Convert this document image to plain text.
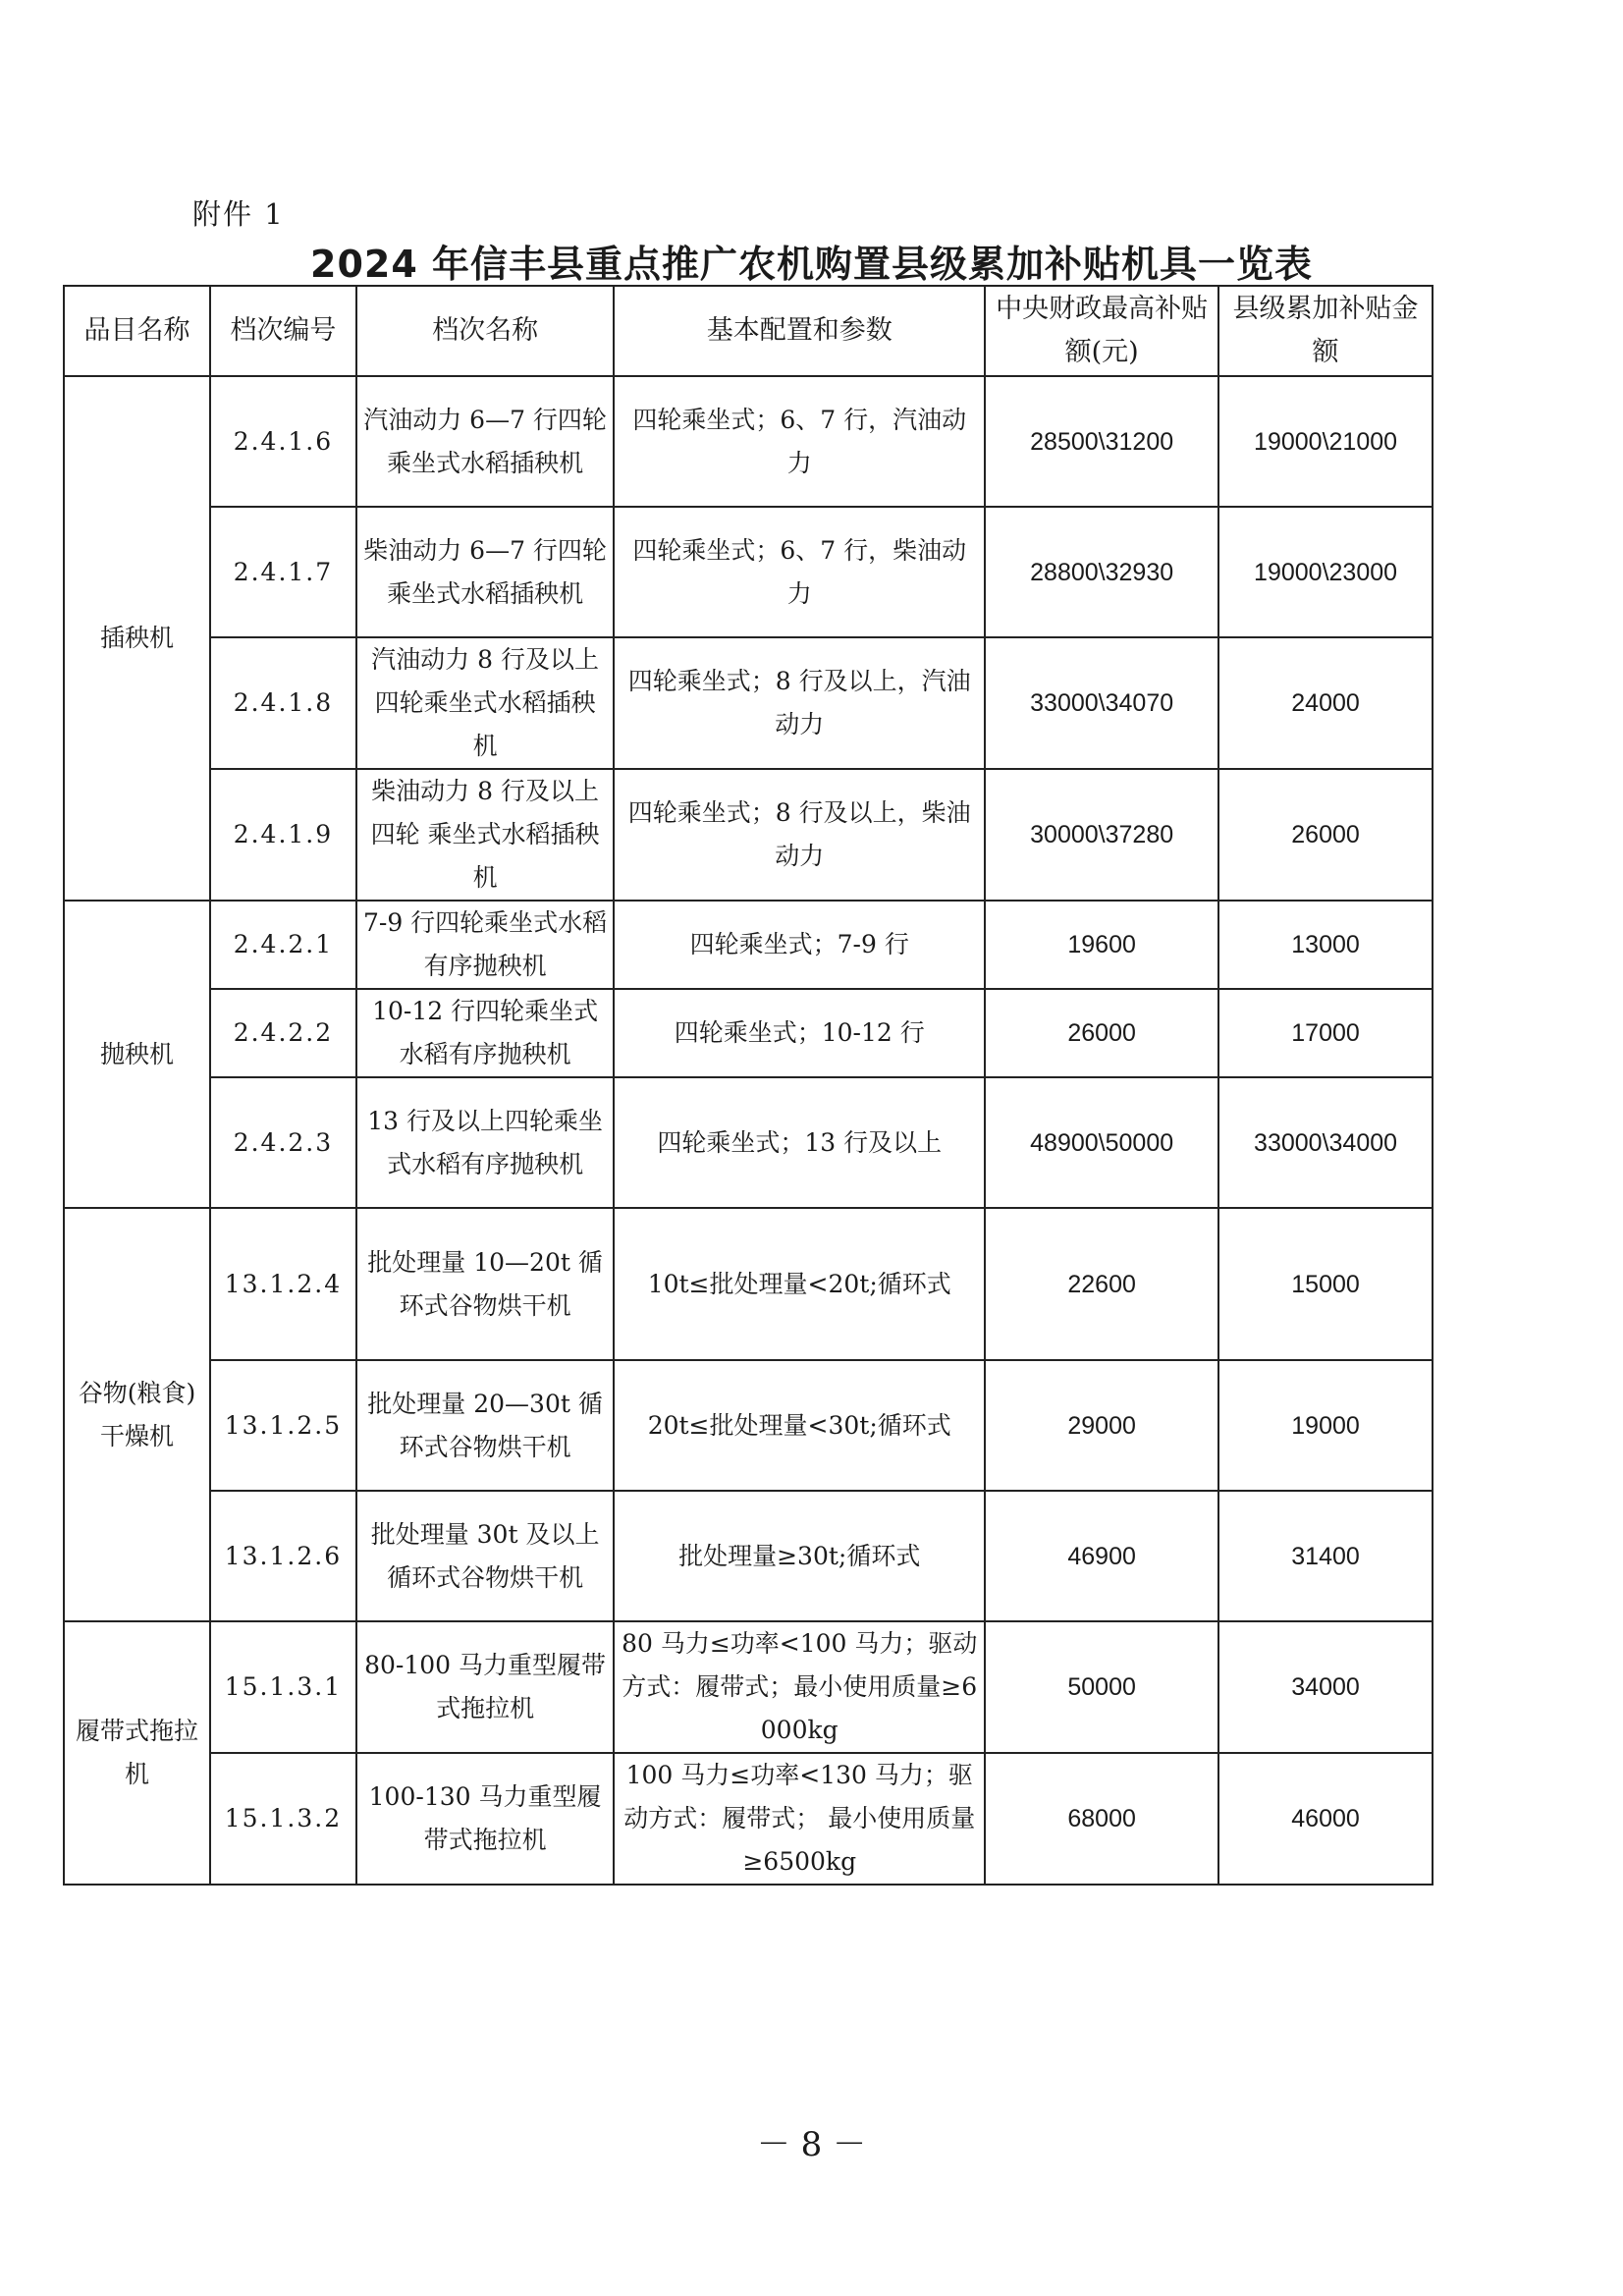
附件 1
2024 年信丰县重点推广农机购置县级累加补贴机具一览表
品目名称	档次编号	档次名称	基本配置和参数	中央财政最高补贴额(元)	县级累加补贴金额
插秧机	2.4.1.6	汽油动力 6—7 行四轮乘坐式水稻插秧机	四轮乘坐式；6、7 行，汽油动力	28500\31200	19000\21000
	2.4.1.7	柴油动力 6—7 行四轮乘坐式水稻插秧机	四轮乘坐式；6、7 行，柴油动力	28800\32930	19000\23000
	2.4.1.8	汽油动力 8 行及以上四轮乘坐式水稻插秧机	四轮乘坐式；8 行及以上，汽油动力	33000\34070	24000
	2.4.1.9	柴油动力 8 行及以上四轮 乘坐式水稻插秧机	四轮乘坐式；8 行及以上，柴油动力	30000\37280	26000
抛秧机	2.4.2.1	7-9 行四轮乘坐式水稻有序抛秧机	四轮乘坐式；7-9 行	19600	13000
	2.4.2.2	10-12 行四轮乘坐式水稻有序抛秧机	四轮乘坐式；10-12 行	26000	17000
	2.4.2.3	13 行及以上四轮乘坐式水稻有序抛秧机	四轮乘坐式；13 行及以上	48900\50000	33000\34000
谷物(粮食)干燥机	13.1.2.4	批处理量 10—20t 循环式谷物烘干机	10t≤批处理量<20t;循环式	22600	15000
	13.1.2.5	批处理量 20—30t 循环式谷物烘干机	20t≤批处理量<30t;循环式	29000	19000
	13.1.2.6	批处理量 30t 及以上循环式谷物烘干机	批处理量≥30t;循环式	46900	31400
履带式拖拉机	15.1.3.1	80-100 马力重型履带式拖拉机	80 马力≤功率<100 马力；驱动方式：履带式；最小使用质量≥6000kg	50000	34000
	15.1.3.2	100-130 马力重型履带式拖拉机	100 马力≤功率<130 马力；驱动方式：履带式； 最小使用质量≥6500kg	68000	46000
－ 8 －
